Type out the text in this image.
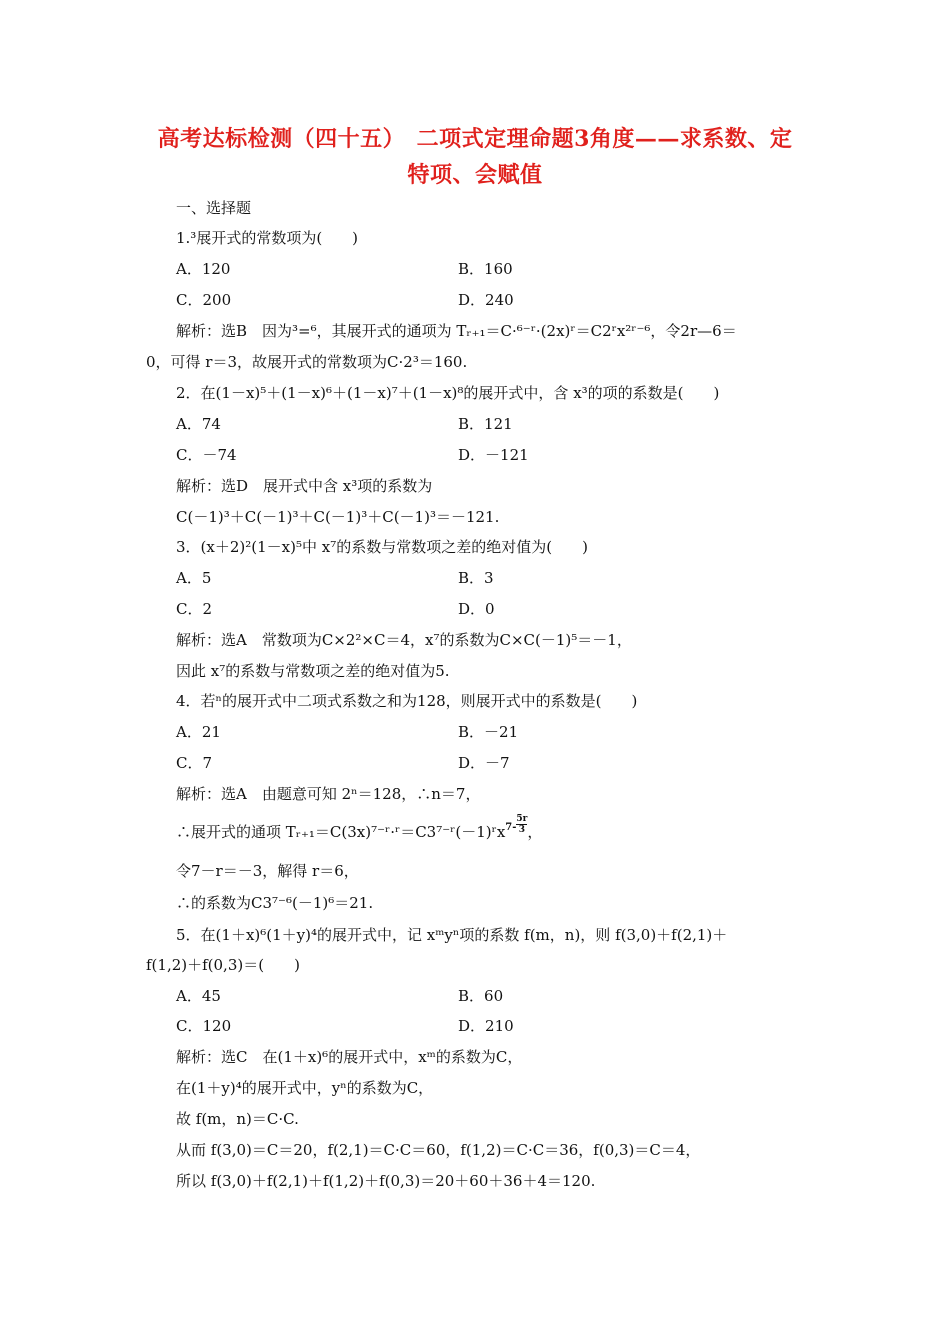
高考达标检测（四十五）　二项式定理命题3角度——求系数、定
特项、会赋值
一、选择题
1.³展开式的常数项为(　　)
A．120	B．160
C．200	D．240
解析：选B　因为³=⁶，其展开式的通项为 Tᵣ₊₁＝C·⁶⁻ʳ·(2x)ʳ＝C2ʳx²ʳ⁻⁶，令2r—6＝
0，可得 r＝3，故展开式的常数项为C·2³＝160.
2．在(1－x)⁵＋(1－x)⁶＋(1－x)⁷＋(1－x)⁸的展开式中，含 x³的项的系数是(　　)
A．74	B．121
C．－74	D．－121
解析：选D　展开式中含 x³项的系数为
C(－1)³＋C(－1)³＋C(－1)³＋C(－1)³＝－121.
3．(x＋2)²(1－x)⁵中 x⁷的系数与常数项之差的绝对值为(　　)
A．5	B．3
C．2	D．0
解析：选A　常数项为C×2²×C＝4，x⁷的系数为C×C(－1)⁵＝－1，
因此 x⁷的系数与常数项之差的绝对值为5.
4．若ⁿ的展开式中二项式系数之和为128，则展开式中的系数是(　　)
A．21	B．－21
C．7	D．－7
解析：选A　由题意可知 2ⁿ＝128，∴n＝7，
∴展开式的通项 Tᵣ₊₁＝C(3x)⁷⁻ʳ·ʳ＝C3⁷⁻ʳ(－1)ʳx$^{7-}$ $\frac{5r}{3}$ ，
令7－r＝－3，解得 r＝6，
∴的系数为C3⁷⁻⁶(－1)⁶＝21.
5．在(1＋x)⁶(1＋y)⁴的展开式中，记 xᵐyⁿ项的系数 f(m，n)，则 f(3,0)＋f(2,1)＋
f(1,2)＋f(0,3)＝(　　)
A．45	B．60
C．120	D．210
解析：选C　在(1＋x)⁶的展开式中，xᵐ的系数为C，
在(1＋y)⁴的展开式中，yⁿ的系数为C，
故 f(m，n)＝C·C.
从而 f(3,0)＝C＝20，f(2,1)＝C·C＝60，f(1,2)＝C·C＝36，f(0,3)＝C＝4，
所以 f(3,0)＋f(2,1)＋f(1,2)＋f(0,3)＝20＋60＋36＋4＝120.
